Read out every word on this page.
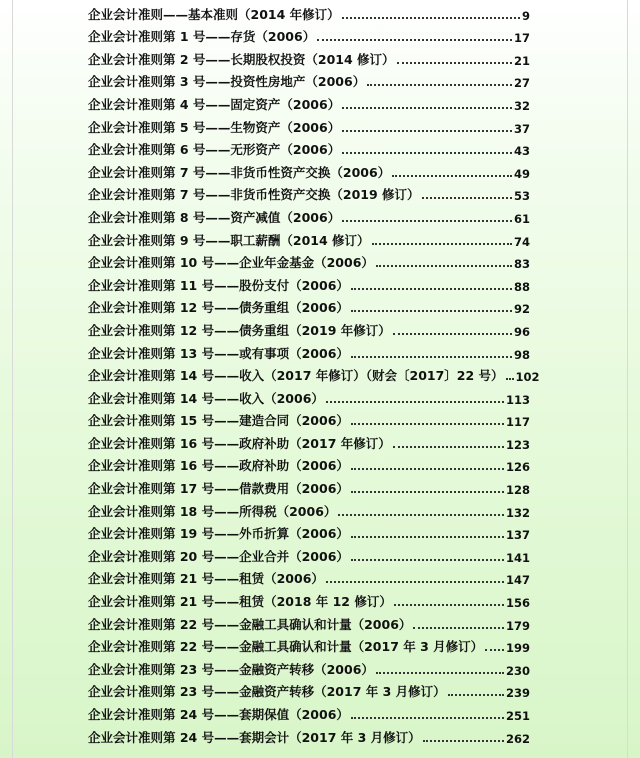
企业会计准则——基本准则（2014 年修订）	9
企业会计准则第 1 号——存货（2006）	17
企业会计准则第 2 号——长期股权投资（2014 修订）	21
企业会计准则第 3 号——投资性房地产（2006）	27
企业会计准则第 4 号——固定资产（2006）	32
企业会计准则第 5 号——生物资产（2006）	37
企业会计准则第 6 号——无形资产（2006）	43
企业会计准则第 7 号——非货币性资产交换（2006）	49
企业会计准则第 7 号——非货币性资产交换（2019 修订）	53
企业会计准则第 8 号——资产减值（2006）	61
企业会计准则第 9 号——职工薪酬（2014 修订）	74
企业会计准则第 10 号——企业年金基金（2006）	83
企业会计准则第 11 号——股份支付（2006）	88
企业会计准则第 12 号——债务重组（2006）	92
企业会计准则第 12 号——债务重组（2019 年修订）	96
企业会计准则第 13 号——或有事项（2006）	98
企业会计准则第 14 号——收入（2017 年修订）（财会〔2017〕22 号） 102
企业会计准则第 14 号——收入（2006）	113
企业会计准则第 15 号——建造合同（2006）	117
企业会计准则第 16 号——政府补助（2017 年修订）	123
企业会计准则第 16 号——政府补助（2006）	126
企业会计准则第 17 号——借款费用（2006）	128
企业会计准则第 18 号——所得税（2006）	132
企业会计准则第 19 号——外币折算（2006）	137
企业会计准则第 20 号——企业合并（2006）	141
企业会计准则第 21 号——租赁（2006）	147
企业会计准则第 21 号——租赁（2018 年 12 修订）	156
企业会计准则第 22 号——金融工具确认和计量（2006）	179
企业会计准则第 22 号——金融工具确认和计量（2017 年 3 月修订） 199
企业会计准则第 23 号——金融资产转移（2006）	230
企业会计准则第 23 号——金融资产转移（2017 年 3 月修订）	239
企业会计准则第 24 号——套期保值（2006）	251
企业会计准则第 24 号——套期会计（2017 年 3 月修订）	262
